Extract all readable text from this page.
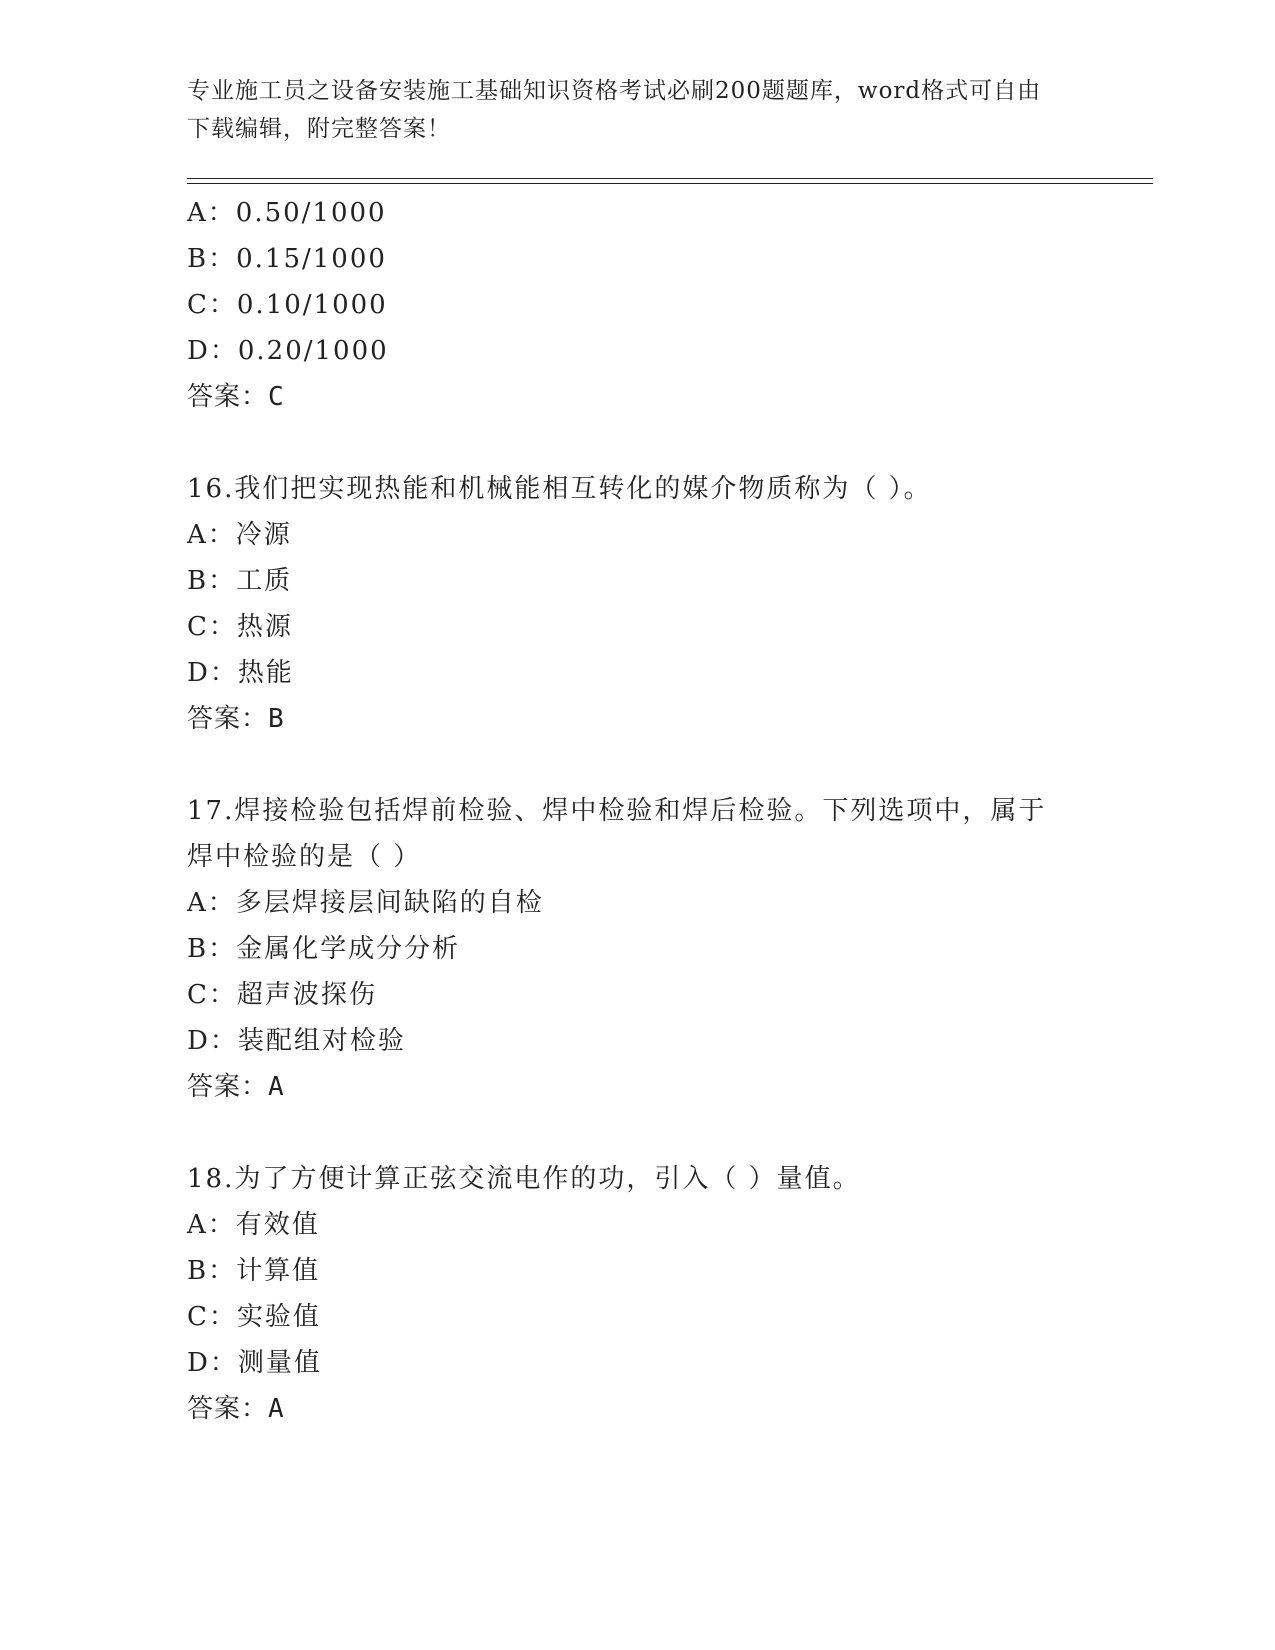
专业施工员之设备安装施工基础知识资格考试必刷200题题库，word格式可自由
下载编辑，附完整答案！
A：0.50/1000
B：0.15/1000
C：0.10/1000
D：0.20/1000
答案：C
16.我们把实现热能和机械能相互转化的媒介物质称为（ ）。
A：冷源
B：工质
C：热源
D：热能
答案：B
17.焊接检验包括焊前检验、焊中检验和焊后检验。下列选项中，属于
焊中检验的是（ ）
A：多层焊接层间缺陷的自检
B：金属化学成分分析
C：超声波探伤
D：装配组对检验
答案：A
18.为了方便计算正弦交流电作的功，引入（ ）量值。
A：有效值
B：计算值
C：实验值
D：测量值
答案：A
